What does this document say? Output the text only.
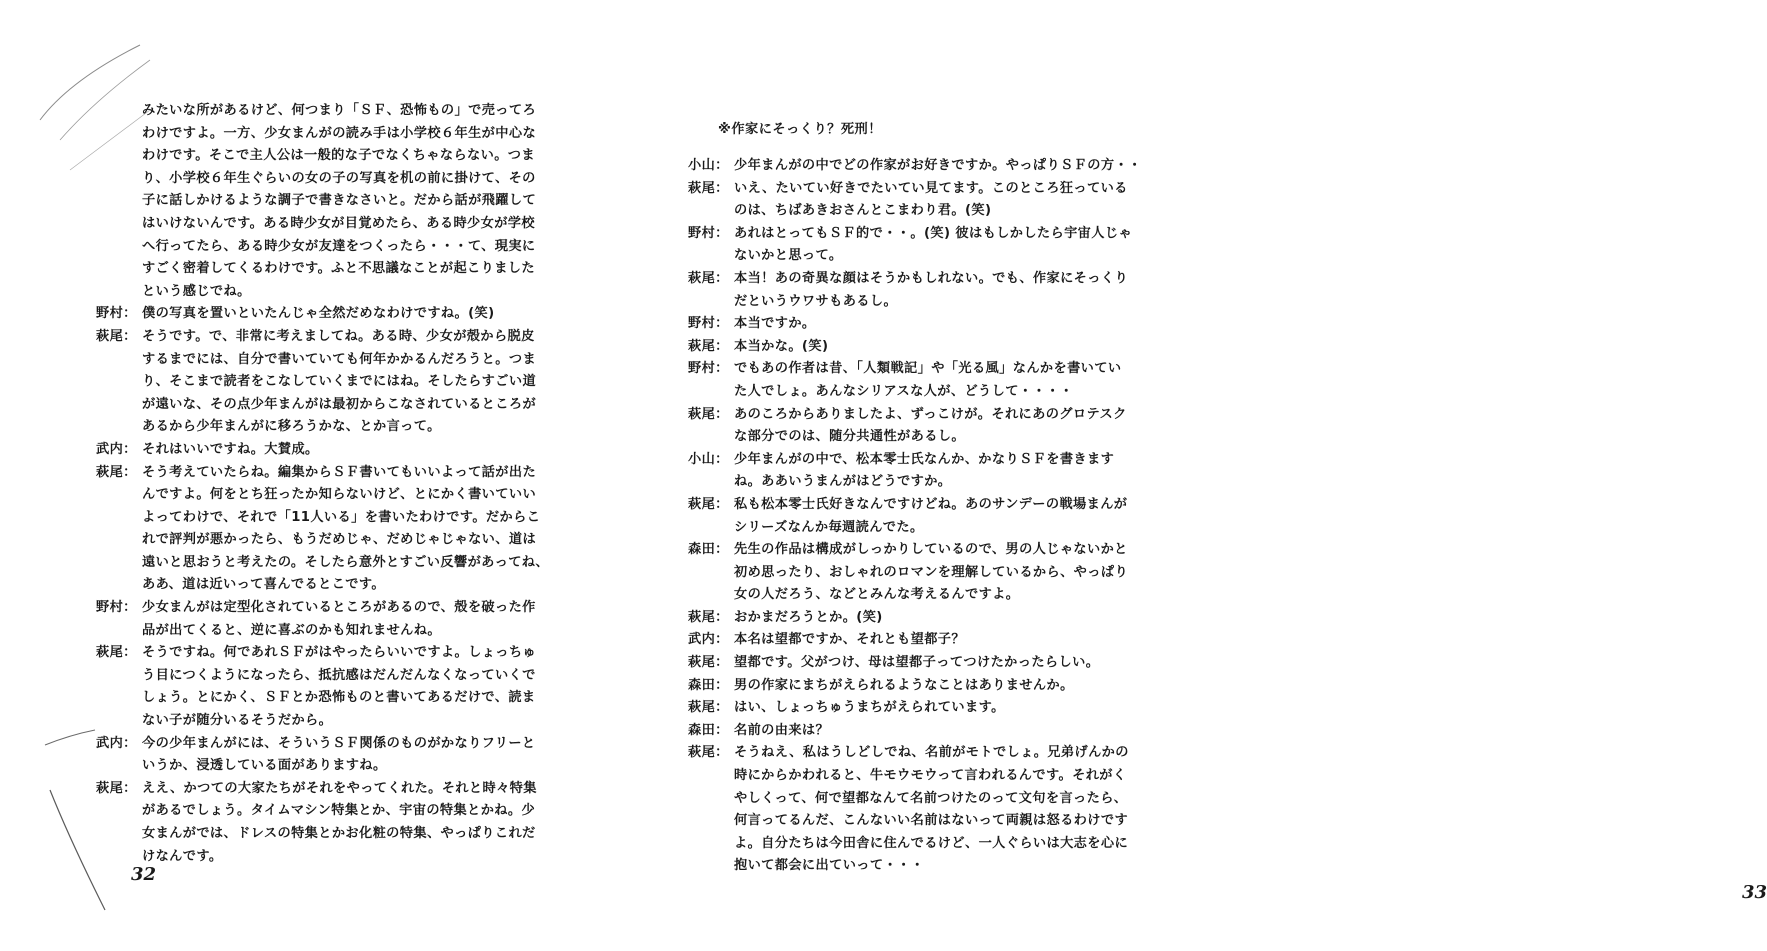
みたいな所があるけど、何つまり「ＳＦ、恐怖もの」で売ってろ
わけですよ。一方、少女まんがの読み手は小学校６年生が中心な
わけです。そこで主人公は一般的な子でなくちゃならない。つま
り、小学校６年生ぐらいの女の子の写真を机の前に掛けて、その
子に話しかけるような調子で書きなさいと。だから話が飛躍して
はいけないんです。ある時少女が目覚めたら、ある時少女が学校
へ行ってたら、ある時少女が友達をつくったら・・・て、現実に
すごく密着してくるわけです。ふと不思議なことが起こりました
という感じでね。
野村： 僕の写真を置いといたんじゃ全然だめなわけですね。(笑)
萩尾： そうです。で、非常に考えましてね。ある時、少女が殻から脱皮
するまでには、自分で書いていても何年かかるんだろうと。つま
り、そこまで読者をこなしていくまでにはね。そしたらすごい道
が遠いな、その点少年まんがは最初からこなされているところが
あるから少年まんがに移ろうかな、とか言って。
武内： それはいいですね。大賛成。
萩尾： そう考えていたらね。編集からＳＦ書いてもいいよって話が出た
んですよ。何をとち狂ったか知らないけど、とにかく書いていい
よってわけで、それで「11人いる」を書いたわけです。だからこ
れで評判が悪かったら、もうだめじゃ、だめじゃじゃない、道は
遠いと思おうと考えたの。そしたら意外とすごい反響があってね、
ああ、道は近いって喜んでるとこです。
野村： 少女まんがは定型化されているところがあるので、殻を破った作
品が出てくると、逆に喜ぶのかも知れませんね。
萩尾： そうですね。何であれＳＦがはやったらいいですよ。しょっちゅ
う目につくようになったら、抵抗感はだんだんなくなっていくで
しょう。とにかく、ＳＦとか恐怖ものと書いてあるだけで、読ま
ない子が随分いるそうだから。
武内： 今の少年まんがには、そういうＳＦ関係のものがかなりフリーと
いうか、浸透している面がありますね。
萩尾： ええ、かつての大家たちがそれをやってくれた。それと時々特集
があるでしょう。タイムマシン特集とか、宇宙の特集とかね。少
女まんがでは、ドレスの特集とかお化粧の特集、やっぱりこれだ
けなんです。
32
小山： 少年まんがの中でどの作家がお好きですか。やっぱりＳＦの方・・
萩尾： いえ、たいてい好きでたいてい見てます。このところ狂っている
のは、ちばあきおさんとこまわり君。(笑)
野村： あれはとってもＳＦ的で・・。(笑) 彼はもしかしたら宇宙人じゃ
ないかと思って。
萩尾： 本当！あの奇異な顔はそうかもしれない。でも、作家にそっくり
だというウワサもあるし。
野村： 本当ですか。
萩尾： 本当かな。(笑)
野村： でもあの作者は昔、「人類戦記」や「光る風」なんかを書いてい
た人でしょ。あんなシリアスな人が、どうして・・・・
萩尾： あのころからありましたよ、ずっこけが。それにあのグロテスク
な部分でのは、随分共通性があるし。
小山： 少年まんがの中で、松本零士氏なんか、かなりＳＦを書きます
ね。ああいうまんがはどうですか。
萩尾： 私も松本零士氏好きなんですけどね。あのサンデーの戦場まんが
シリーズなんか毎週読んでた。
森田： 先生の作品は構成がしっかりしているので、男の人じゃないかと
初め思ったり、おしゃれのロマンを理解しているから、やっぱり
女の人だろう、などとみんな考えるんですよ。
萩尾： おかまだろうとか。(笑)
武内： 本名は望都ですか、それとも望都子？
萩尾： 望都です。父がつけ、母は望都子ってつけたかったらしい。
森田： 男の作家にまちがえられるようなことはありませんか。
萩尾： はい、しょっちゅうまちがえられています。
森田： 名前の由来は？
萩尾： そうねえ、私はうしどしでね、名前がモトでしょ。兄弟げんかの
時にからかわれると、牛モウモウって言われるんです。それがく
やしくって、何で望都なんて名前つけたのって文句を言ったら、
何言ってるんだ、こんないい名前はないって両親は怒るわけです
よ。自分たちは今田舎に住んでるけど、一人ぐらいは大志を心に
抱いて都会に出ていって・・・
33
※作家にそっくり？死刑！
